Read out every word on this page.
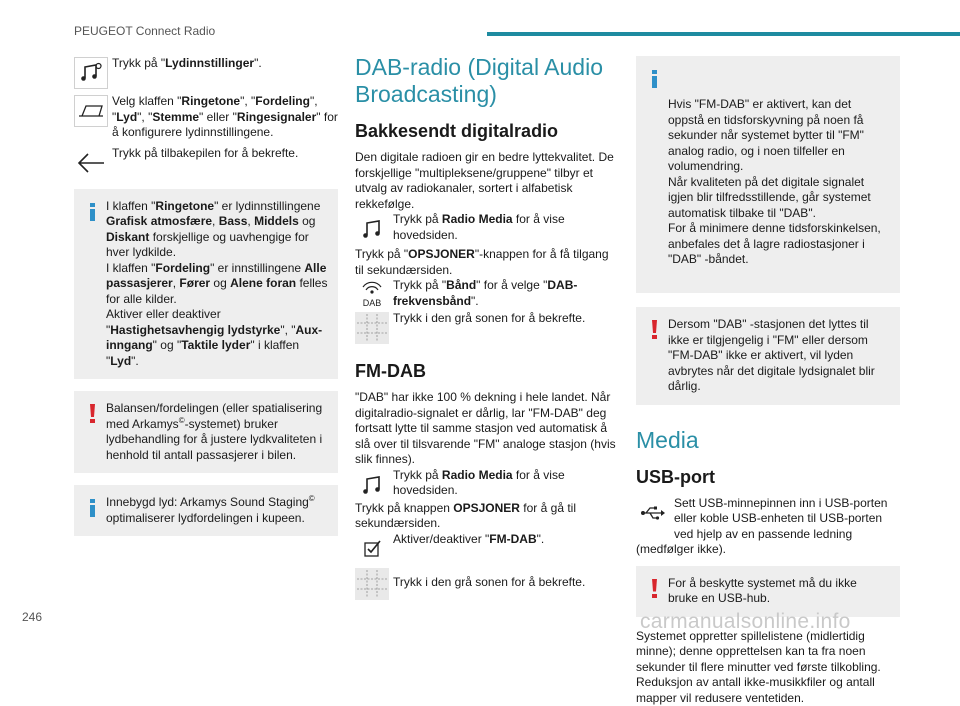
PEUGEOT Connect Radio
Trykk på "Lydinnstillinger".
Velg klaffen "Ringetone", "Fordeling", "Lyd", "Stemme" eller "Ringesignaler" for å konfigurere lydinnstillingene.
Trykk på tilbakepilen for å bekrefte.

I klaffen "Ringetone" er lydinnstillingene Grafisk atmosfære, Bass, Middels og Diskant forskjellige og uavhengige for hver lydkilde.
I klaffen "Fordeling" er innstillingene Alle passasjerer, Fører og Alene foran felles for alle kilder.
Aktiver eller deaktiver "Hastighetsavhengig lydstyrke", "Aux-inngang" og "Taktile lyder" i klaffen "Lyd".

Balansen/fordelingen (eller spatialisering med Arkamys©-systemet) bruker lydbehandling for å justere lydkvaliteten i henhold til antall passasjerer i bilen.

Innebygd lyd: Arkamys Sound Staging© optimaliserer lydfordelingen i kupeen.

DAB-radio (Digital Audio Broadcasting)
Bakkesendt digitalradio

Den digitale radioen gir en bedre lyttekvalitet. De forskjellige "multipleksene/gruppene" tilbyr et utvalg av radiokanaler, sortert i alfabetisk rekkefølge.

Trykk på Radio Media for å vise hovedsiden.

Trykk på "OPSJONER"-knappen for å få tilgang til sekundærsiden.

DAB
Trykk på "Bånd" for å velge "DAB-frekvensbånd".
Trykk i den grå sonen for å bekrefte.
FM-DAB

"DAB" har ikke 100 % dekning i hele landet. Når digitalradio-signalet er dårlig, lar "FM-DAB" deg fortsatt lytte til samme stasjon ved automatisk å slå over til tilsvarende "FM" analoge stasjon (hvis slik finnes).

Trykk på Radio Media for å vise hovedsiden.

Trykk på knappen OPSJONER for å gå til sekundærsiden.

Aktiver/deaktiver "FM-DAB".
Trykk i den grå sonen for å bekrefte.

Hvis "FM-DAB" er aktivert, kan det oppstå en tidsforskyvning på noen få sekunder når systemet bytter til "FM" analog radio, og i noen tilfeller en volumendring.
Når kvaliteten på det digitale signalet igjen blir tilfredsstillende, går systemet automatisk tilbake til "DAB".
For å minimere denne tidsforskinkelsen, anbefales det å lagre radiostasjoner i "DAB" -båndet.

Dersom "DAB" -stasjonen det lyttes til ikke er tilgjengelig i "FM" eller dersom "FM-DAB" ikke er aktivert, vil lyden avbrytes når det digitale lydsignalet blir dårlig.

Media
USB-port
Sett USB-minnepinnen inn i USB-porten eller koble USB-enheten til USB-porten ved hjelp av en passende ledning (medfølger ikke).

For å beskytte systemet må du ikke bruke en USB-hub.

Systemet oppretter spillelistene (midlertidig minne); denne opprettelsen kan ta fra noen sekunder til flere minutter ved første tilkobling.
Reduksjon av antall ikke-musikkfiler og antall mapper vil redusere ventetiden.

246	carmanualsonline.info
